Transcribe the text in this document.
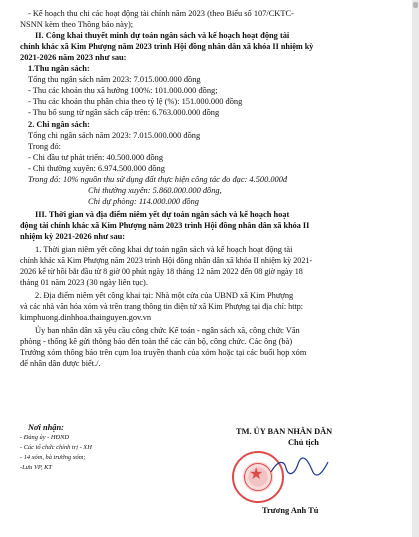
- Kế hoạch thu chi các hoạt động tài chính năm 2023 (theo Biểu số 107/CKTC-
NSNN kèm theo Thông báo này);
II. Công khai thuyết minh dự toán ngân sách và kế hoạch hoạt động tài
chính khác xã Kim Phượng năm 2023 trình Hội đồng nhân dân xã khóa II nhiệm kỳ
2021-2026 năm 2023 như sau:
1.Thu ngân sách:
Tổng thu ngân sách năm 2023: 7.015.000.000 đồng
- Thu các khoản thu xã hưởng 100%: 101.000.000 đồng;
- Thu các khoản thu phân chia theo tỷ lệ (%): 151.000.000 đồng
- Thu bổ sung từ ngân sách cấp trên: 6.763.000.000 đồng
2. Chi ngân sách:
Tổng chi ngân sách năm 2023: 7.015.000.000 đồng
Trong đó:
- Chi đầu tư phát triển: 40.500.000 đồng
- Chi thường xuyên: 6.974.500.000 đồng
Trong đó: 10% nguồn thu sử dụng đất thực hiện công tác đo đạc: 4.500.000đ
Chi thường xuyên: 5.860.000.000 đồng,
Chi dự phòng: 114.000.000 đồng
III. Thời gian và địa điểm niêm yết dự toán ngân sách và kế hoạch hoạt
động tài chính khác xã Kim Phượng năm 2023 trình Hội đồng nhân dân xã khóa II
nhiệm kỳ 2021-2026 như sau:
1. Thời gian niêm yết công khai dự toán ngân sách và kế hoạch hoạt động tài
chính khác xã Kim Phượng năm 2023 trình Hội đồng nhân dân xã khóa II nhiệm kỳ 2021-
2026 kể từ hồi bắt đầu từ 8 giờ 00 phút ngày 18 tháng 12 năm 2022 đến 08 giờ ngày 18
tháng 01 năm 2023 (30 ngày liên tục).
2. Địa điểm niêm yết công khai tại: Nhà một cửa của UBND xã Kim Phượng
và các nhà văn hóa xóm và trên trang thông tin điện tử xã Kim Phượng tại địa chỉ: http:
kimphuong.dinhhoa.thainguyen.gov.vn
Ủy ban nhân dân xã yêu cầu công chức Kế toán - ngân sách xã, công chức Văn
phòng - thống kê gửi thông báo đến toàn thể các cán bộ, công chức. Các ông (bà)
Trưởng xóm thông báo trên cụm loa truyền thanh của xóm hoặc tại các buổi họp xóm
để nhân dân được biết./.
Nơi nhận:
- Đảng ủy - HĐND
- Các tổ chức chính trị - XH
- 14 xóm, bà trưởng xóm;
-Lưu VP, KT
TM. ỦY BAN NHÂN DÂN
★
Chủ tịch
Trương Anh Tú
